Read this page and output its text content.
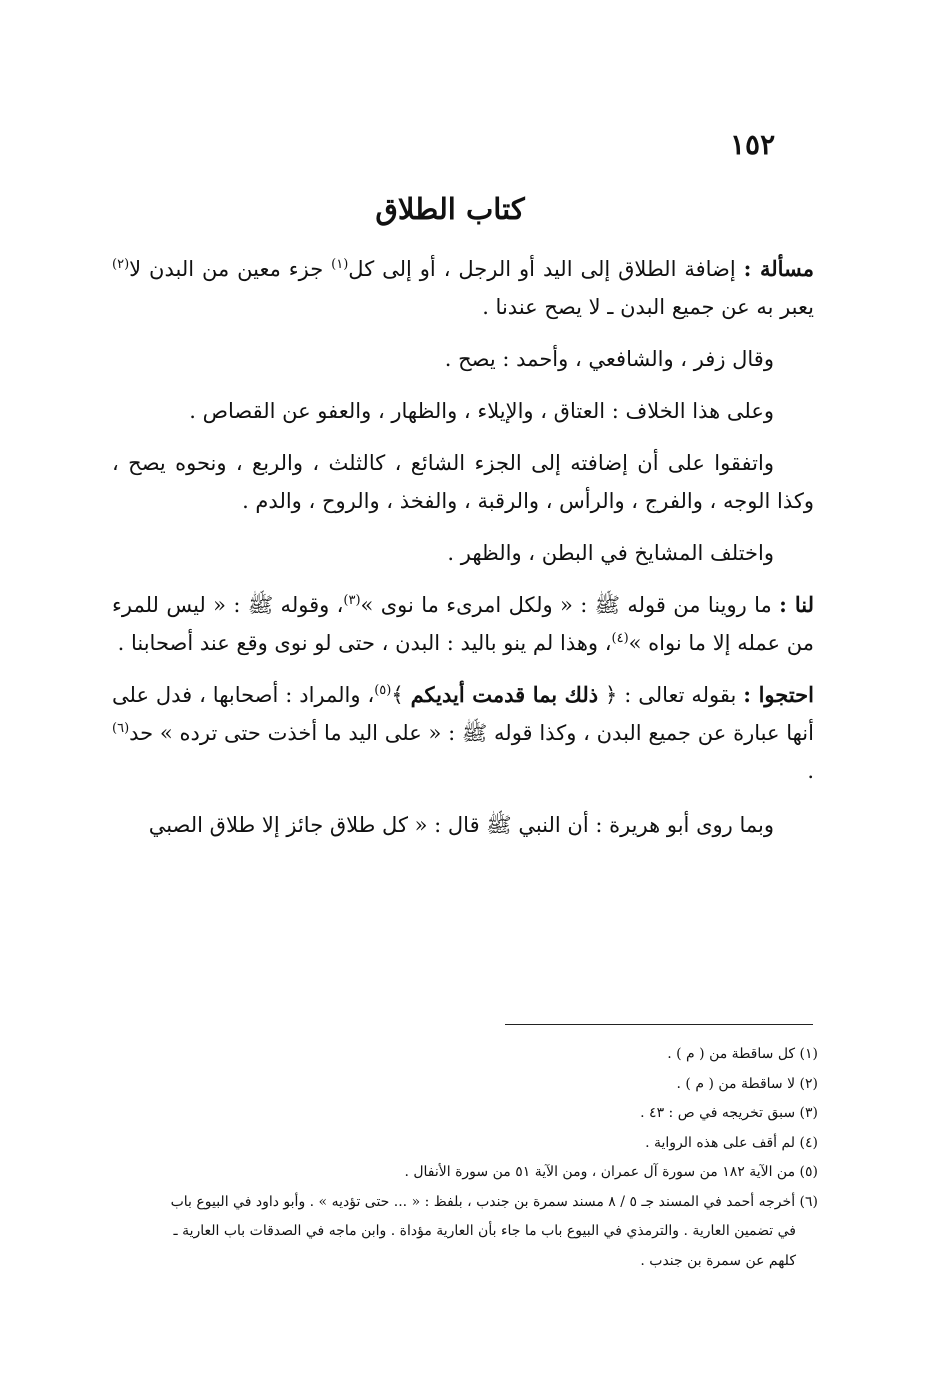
١٥٢
كتاب الطلاق

مسألة : إضافة الطلاق إلى اليد أو الرجل ، أو إلى كل$^{(١)}$ جزء معين من البدن لا$^{(٢)}$ يعبر به عن جميع البدن ـ لا يصح عندنا .

وقال زفر ، والشافعي ، وأحمد : يصح .

وعلى هذا الخلاف : العتاق ، والإيلاء ، والظهار ، والعفو عن القصاص .

واتفقوا على أن إضافته إلى الجزء الشائع ، كالثلث ، والربع ، ونحوه يصح ، وكذا الوجه ، والفرج ، والرأس ، والرقبة ، والفخذ ، والروح ، والدم .

واختلف المشايخ في البطن ، والظهر .

لنا : ما روينا من قوله ﷺ : « ولكل امرىء ما نوى »$^{(٣)}$، وقوله ﷺ : « ليس للمرء من عمله إلا ما نواه »$^{(٤)}$، وهذا لم ينو باليد : البدن ، حتى لو نوى وقع عند أصحابنا .

احتجوا : بقوله تعالى : ﴿ ذلك بما قدمت أيديكم ﴾$^{(٥)}$، والمراد : أصحابها ، فدل على أنها عبارة عن جميع البدن ، وكذا قوله ﷺ : « على اليد ما أخذت حتى ترده » حد$^{(٦)}$ .

وبما روى أبو هريرة : أن النبي ﷺ قال : « كل طلاق جائز إلا طلاق الصبي

(١) كل ساقطة من ( م ) .

(٢) لا ساقطة من ( م ) .

(٣) سبق تخريجه في ص : ٤٣ .

(٤) لم أقف على هذه الرواية .

(٥) من الآية ١٨٢ من سورة آل عمران ، ومن الآية ٥١ من سورة الأنفال .

(٦) أخرجه أحمد في المسند جـ ٥ / ٨ مسند سمرة بن جندب ، بلفظ : « ... حتى تؤديه » . وأبو داود في البيوع باب

في تضمين العارية . والترمذي في البيوع باب ما جاء بأن العارية مؤداة . وابن ماجه في الصدقات باب العارية ـ

كلهم عن سمرة بن جندب .
